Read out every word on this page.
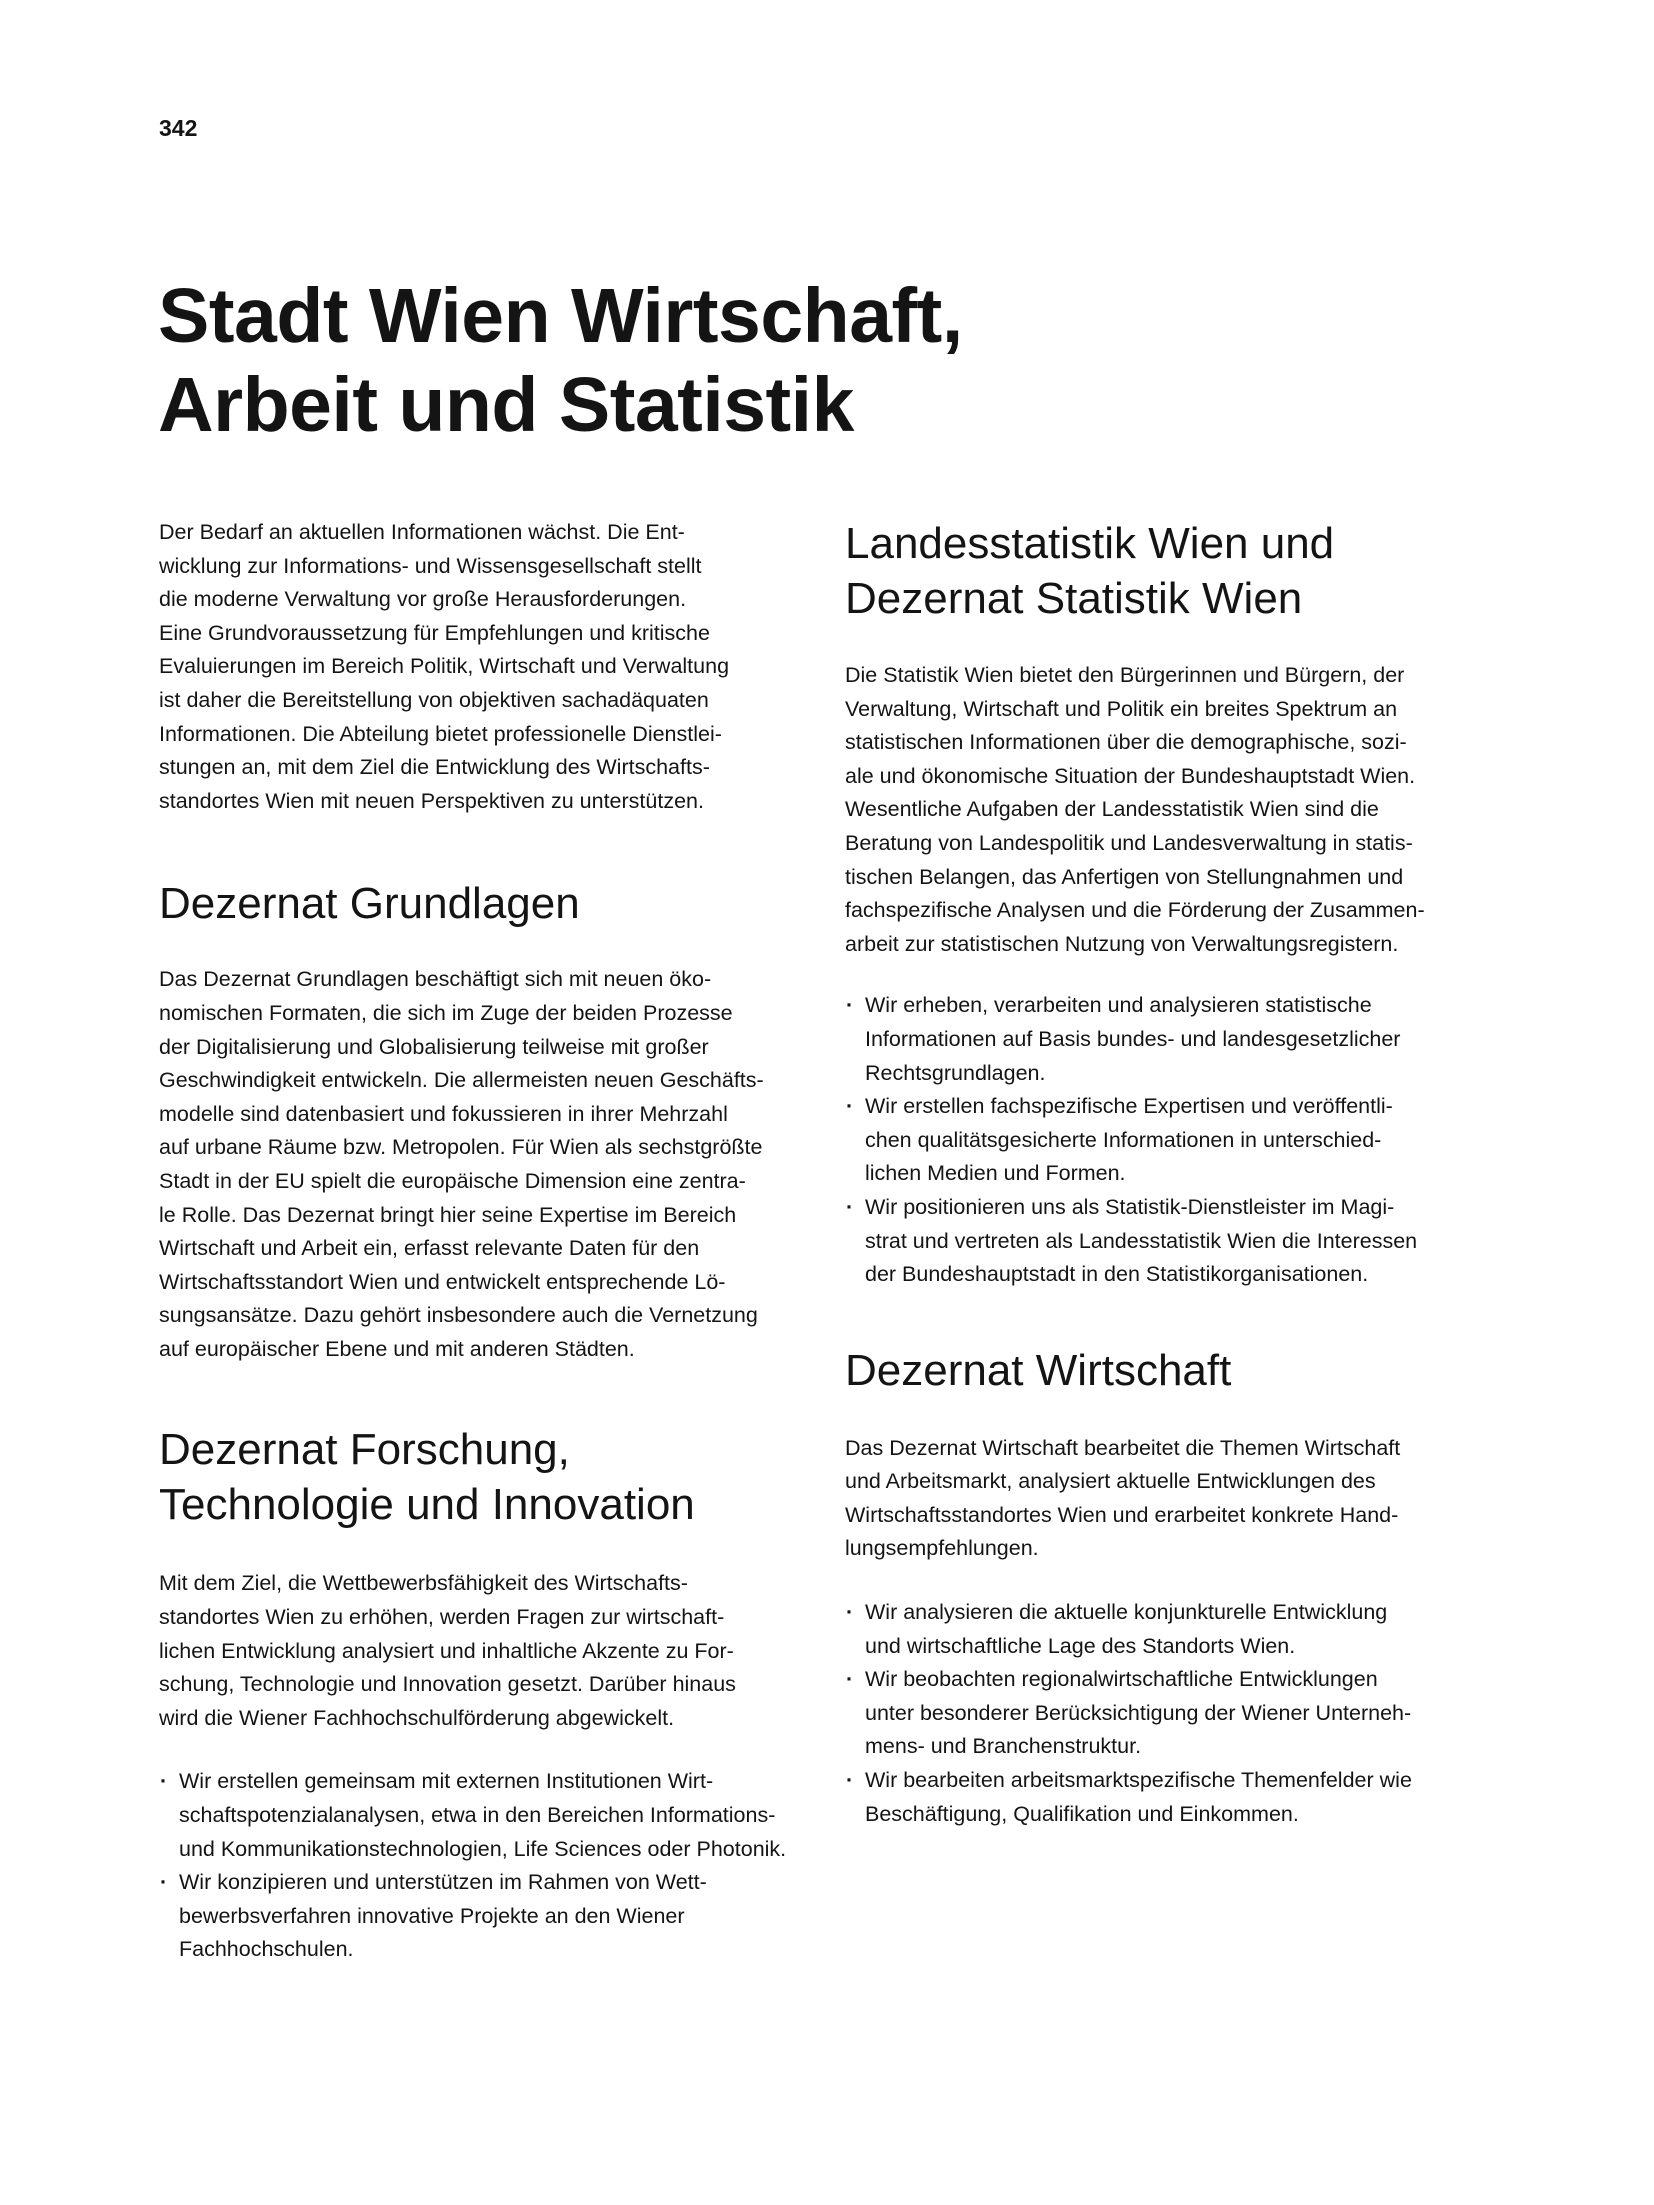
342
Stadt Wien Wirtschaft,
Arbeit und Statistik

Der Bedarf an aktuellen Informationen wächst. Die Ent-
wicklung zur Informations- und Wissensgesellschaft stellt
die moderne Verwaltung vor große Herausforderungen.
Eine Grundvoraussetzung für Empfehlungen und kritische
Evaluierungen im Bereich Politik, Wirtschaft und Verwaltung
ist daher die Bereitstellung von objektiven sachadäquaten
Informationen. Die Abteilung bietet professionelle Dienstlei-
stungen an, mit dem Ziel die Entwicklung des Wirtschafts-
standortes Wien mit neuen Perspektiven zu unterstützen.

Dezernat Grundlagen

Das Dezernat Grundlagen beschäftigt sich mit neuen öko-
nomischen Formaten, die sich im Zuge der beiden Prozesse
der Digitalisierung und Globalisierung teilweise mit großer
Geschwindigkeit entwickeln. Die allermeisten neuen Geschäfts-
modelle sind datenbasiert und fokussieren in ihrer Mehrzahl
auf urbane Räume bzw. Metropolen. Für Wien als sechstgrößte
Stadt in der EU spielt die europäische Dimension eine zentra-
le Rolle. Das Dezernat bringt hier seine Expertise im Bereich
Wirtschaft und Arbeit ein, erfasst relevante Daten für den
Wirtschaftsstandort Wien und entwickelt entsprechende Lö-
sungsansätze. Dazu gehört insbesondere auch die Vernetzung
auf europäischer Ebene und mit anderen Städten.

Dezernat Forschung,
Technologie und Innovation

Mit dem Ziel, die Wettbewerbsfähigkeit des Wirtschafts-
standortes Wien zu erhöhen, werden Fragen zur wirtschaft-
lichen Entwicklung analysiert und inhaltliche Akzente zu For-
schung, Technologie und Innovation gesetzt. Darüber hinaus
wird die Wiener Fachhochschulförderung abgewickelt.

· Wir erstellen gemeinsam mit externen Institutionen Wirt-
schaftspotenzialanalysen, etwa in den Bereichen Informations-
und Kommunikationstechnologien, Life Sciences oder Photonik.
· Wir konzipieren und unterstützen im Rahmen von Wett-
bewerbsverfahren innovative Projekte an den Wiener
Fachhochschulen.
Landesstatistik Wien und
Dezernat Statistik Wien

Die Statistik Wien bietet den Bürgerinnen und Bürgern, der
Verwaltung, Wirtschaft und Politik ein breites Spektrum an
statistischen Informationen über die demographische, sozi-
ale und ökonomische Situation der Bundeshauptstadt Wien.
Wesentliche Aufgaben der Landesstatistik Wien sind die
Beratung von Landespolitik und Landesverwaltung in statis-
tischen Belangen, das Anfertigen von Stellungnahmen und
fachspezifische Analysen und die Förderung der Zusammen-
arbeit zur statistischen Nutzung von Verwaltungsregistern.

· Wir erheben, verarbeiten und analysieren statistische
Informationen auf Basis bundes- und landesgesetzlicher
Rechtsgrundlagen.
· Wir erstellen fachspezifische Expertisen und veröffentli-
chen qualitätsgesicherte Informationen in unterschied-
lichen Medien und Formen.
· Wir positionieren uns als Statistik-Dienstleister im Magi-
strat und vertreten als Landesstatistik Wien die Interessen
der Bundeshauptstadt in den Statistikorganisationen.
Dezernat Wirtschaft

Das Dezernat Wirtschaft bearbeitet die Themen Wirtschaft
und Arbeitsmarkt, analysiert aktuelle Entwicklungen des
Wirtschaftsstandortes Wien und erarbeitet konkrete Hand-
lungsempfehlungen.

· Wir analysieren die aktuelle konjunkturelle Entwicklung
und wirtschaftliche Lage des Standorts Wien.
· Wir beobachten regionalwirtschaftliche Entwicklungen
unter besonderer Berücksichtigung der Wiener Unterneh-
mens- und Branchenstruktur.
· Wir bearbeiten arbeitsmarktspezifische Themenfelder wie
Beschäftigung, Qualifikation und Einkommen.
